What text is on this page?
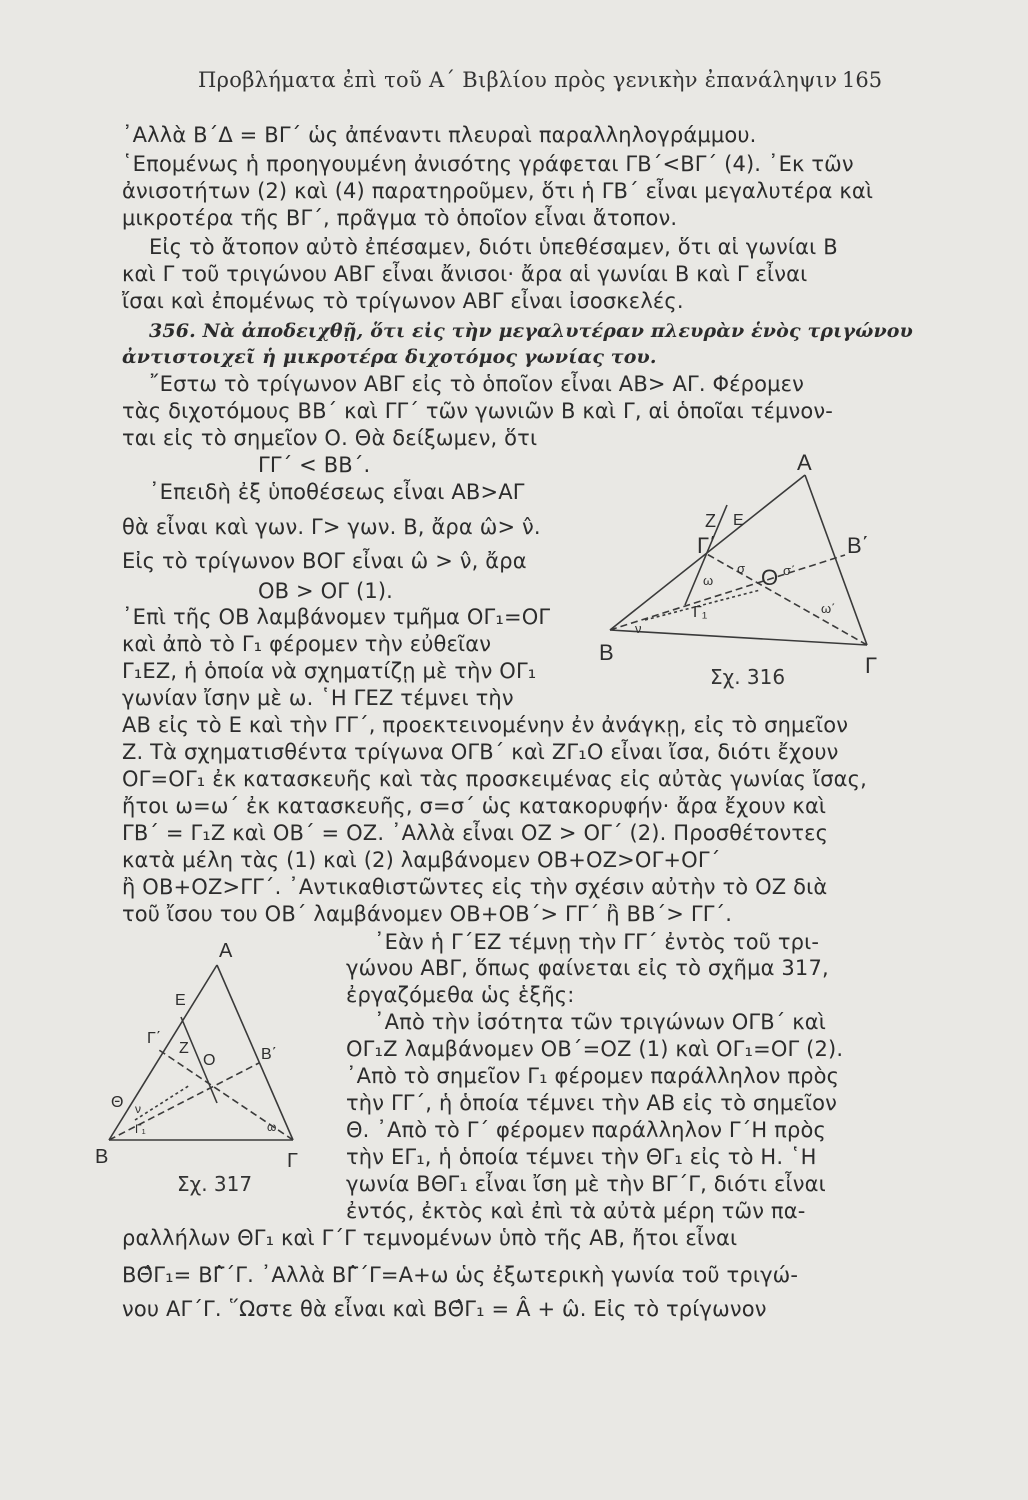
Προβλήματα ἐπὶ τοῦ Α΄ Βιβλίου πρὸς γενικὴν ἐπανάληψιν 165
᾿Αλλὰ Β΄Δ = ΒΓ΄ ὡς ἀπέναντι πλευραὶ παραλληλογράμμου.
῾Επομένως ἡ προηγουμένη ἀνισότης γράφεται ΓΒ΄<ΒΓ΄ (4). ᾿Εκ τῶν
ἀνισοτήτων (2) καὶ (4) παρατηροῦμεν, ὅτι ἡ ΓΒ΄ εἶναι μεγαλυτέρα καὶ
μικροτέρα τῆς ΒΓ΄, πρᾶγμα τὸ ὁποῖον εἶναι ἄτοπον.
Εἰς τὸ ἄτοπον αὐτὸ ἐπέσαμεν, διότι ὑπεθέσαμεν, ὅτι αἱ γωνίαι Β
καὶ Γ τοῦ τριγώνου ΑΒΓ εἶναι ἄνισοι· ἄρα αἱ γωνίαι Β καὶ Γ εἶναι
ἴσαι καὶ ἐπομένως τὸ τρίγωνον ΑΒΓ εἶναι ἰσοσκελές.
356. Νὰ ἀποδειχθῇ, ὅτι εἰς τὴν μεγαλυτέραν πλευρὰν ἑνὸς τριγώνου
ἀντιστοιχεῖ ἡ μικροτέρα διχοτόμος γωνίας του.
῎Εστω τὸ τρίγωνον ΑΒΓ εἰς τὸ ὁποῖον εἶναι ΑΒ> ΑΓ. Φέρομεν
τὰς διχοτόμους ΒΒ΄ καὶ ΓΓ΄ τῶν γωνιῶν Β καὶ Γ, αἱ ὁποῖαι τέμνον-
ται εἰς τὸ σημεῖον Ο. Θὰ δείξωμεν, ὅτι
ΓΓ΄ < ΒΒ΄.
᾿Επειδὴ ἐξ ὑποθέσεως εἶναι ΑΒ>ΑΓ
θὰ εἶναι καὶ γων. Γ> γων. Β, ἄρα ω̂> ν̂.
Εἰς τὸ τρίγωνον ΒΟΓ εἶναι ω̂ > ν̂, ἄρα
ΟΒ > ΟΓ (1).
᾿Επὶ τῆς ΟΒ λαμβάνομεν τμῆμα ΟΓ₁=ΟΓ
καὶ ἀπὸ τὸ Γ₁ φέρομεν τὴν εὐθεῖαν
Γ₁ΕΖ, ἡ ὁποία νὰ σχηματίζῃ μὲ τὴν ΟΓ₁
γωνίαν ἴσην μὲ ω. ῾Η ΓΕΖ τέμνει τὴν
ΑΒ εἰς τὸ Ε καὶ τὴν ΓΓ΄, προεκτεινομένην ἐν ἀνάγκῃ, εἰς τὸ σημεῖον
Ζ. Τὰ σχηματισθέντα τρίγωνα ΟΓΒ΄ καὶ ΖΓ₁Ο εἶναι ἴσα, διότι ἔχουν
ΟΓ=ΟΓ₁ ἐκ κατασκευῆς καὶ τὰς προσκειμένας εἰς αὐτὰς γωνίας ἴσας,
ἤτοι ω=ω΄ ἐκ κατασκευῆς, σ=σ΄ ὡς κατακορυφήν· ἄρα ἔχουν καὶ
ΓΒ΄ = Γ₁Ζ καὶ ΟΒ΄ = ΟΖ. ᾿Αλλὰ εἶναι ΟΖ > ΟΓ΄ (2). Προσθέτοντες
κατὰ μέλη τὰς (1) καὶ (2) λαμβάνομεν ΟΒ+ΟΖ>ΟΓ+ΟΓ΄
ἢ ΟΒ+ΟΖ>ΓΓ΄. ᾿Αντικαθιστῶντες εἰς τὴν σχέσιν αὐτὴν τὸ ΟΖ διὰ
τοῦ ἴσου του ΟΒ΄ λαμβάνομεν ΟΒ+ΟΒ΄> ΓΓ΄ ἢ ΒΒ΄> ΓΓ΄.
᾿Εὰν ἡ Γ΄ΕΖ τέμνῃ τὴν ΓΓ΄ ἐντὸς τοῦ τρι-
γώνου ΑΒΓ, ὅπως φαίνεται εἰς τὸ σχῆμα 317,
ἐργαζόμεθα ὡς ἑξῆς:
᾿Απὸ τὴν ἰσότητα τῶν τριγώνων ΟΓΒ΄ καὶ
ΟΓ₁Ζ λαμβάνομεν ΟΒ΄=ΟΖ (1) καὶ ΟΓ₁=ΟΓ (2).
᾿Απὸ τὸ σημεῖον Γ₁ φέρομεν παράλληλον πρὸς
τὴν ΓΓ΄, ἡ ὁποία τέμνει τὴν ΑΒ εἰς τὸ σημεῖον
Θ. ᾿Απὸ τὸ Γ΄ φέρομεν παράλληλον Γ΄Η πρὸς
τὴν ΕΓ₁, ἡ ὁποία τέμνει τὴν ΘΓ₁ εἰς τὸ Η. ῾Η
γωνία ΒΘΓ₁ εἶναι ἴση μὲ τὴν ΒΓ΄Γ, διότι εἶναι
ἐντός, ἐκτὸς καὶ ἐπὶ τὰ αὐτὰ μέρη τῶν πα-
ραλλήλων ΘΓ₁ καὶ Γ΄Γ τεμνομένων ὑπὸ τῆς ΑΒ, ἤτοι εἶναι
ΒΘ̂Γ₁= ΒΓ̂΄Γ. ᾿Αλλὰ ΒΓ̂΄Γ=Α+ω ὡς ἐξωτερικὴ γωνία τοῦ τριγώ-
νου ΑΓ΄Γ. ῞Ωστε θὰ εἶναι καὶ ΒΘ̂Γ₁ = Â + ω̂. Εἰς τὸ τρίγωνον
Α
Β
Γ
Β΄
Γ΄
Ο
Ζ Ε
Γ₁
ω
ω΄
ν
σ	σ΄
Σχ. 316
Α
Β	Γ
Β΄
Γ΄
Ο
Ζ
Ε
Θ
Γ₁	ω
ν
Σχ. 317
